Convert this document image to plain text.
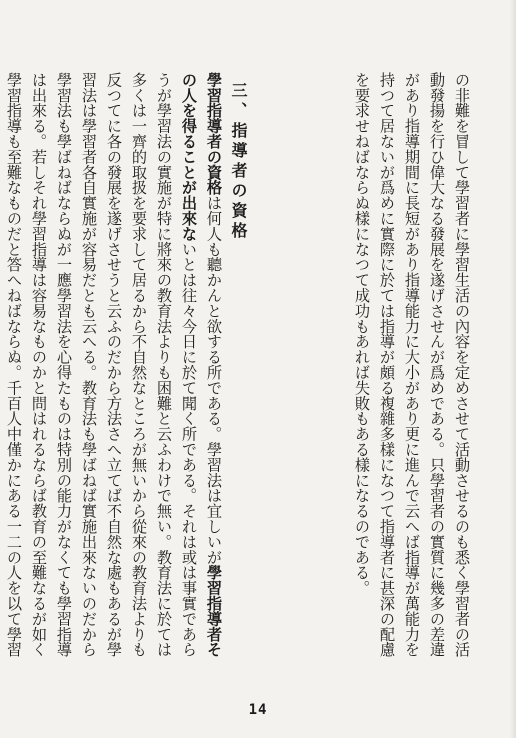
の非難を冒して學習者に學習生活の內容を定めさせて活動させるのも悉く學習者の活動發揚を行ひ偉大なる發展を遂げさせんが爲めである。只學習者の實質に幾多の差違があり指導期間に長短があり指導能力に大小があり更に進んで云へば指導が萬能力を持つて居ないが爲めに實際に於ては指導が頗る複雜多樣になつて指導者に甚深の配慮を要求せねばならぬ樣になつて成功もあれば失敗もある樣になるのである。

三、指導者の資格

學習指導者の資格は何人も聽かんと欲する所である。學習法は宜しいが學習指導者その人を得ることが出來ないとは往々今日に於て聞く所である。それは或は事實であらうが學習法の實施が特に將來の教育法よりも困難と云ふわけで無い。教育法に於ては多くは一齊的取扱を要求して居るから不自然なところが無いから從來の教育法よりも反つてに各の發展を遂げさせうと云ふのだから方法さへ立てば不自然な處もあるが學習法は學習者各自實施が容易だとも云へる。教育法も學ばねば實施出來ないのだから學習法も學ばねばならぬが一應學習法を心得たものは特別の能力がなくても學習指導は出來る。若しそれ學習指導は容易なものかと問はれるならば教育の至難なるが如く學習指導も至難なものだと答へねばならぬ。千百人中僅かにある一二の人を以て學習

14
